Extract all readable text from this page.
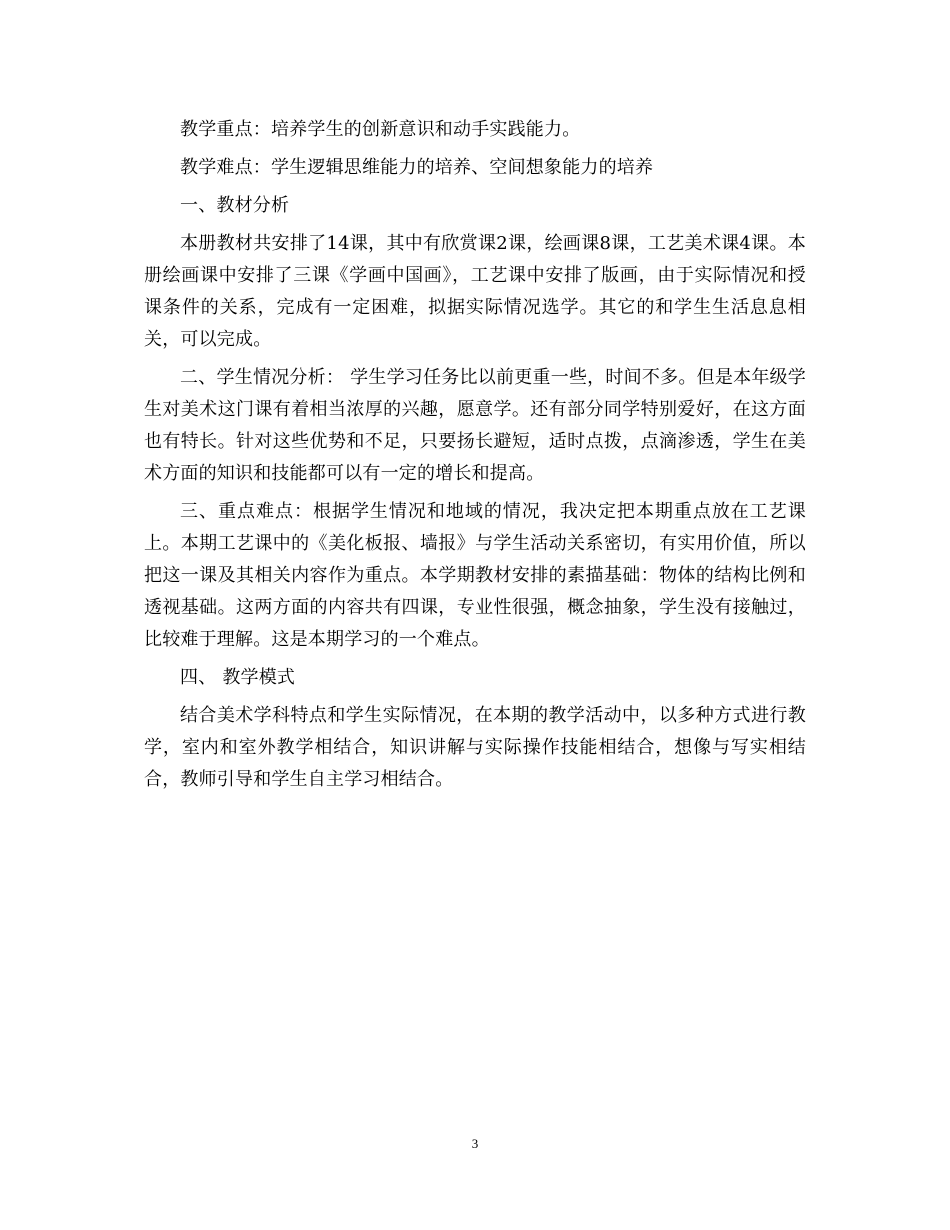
教学重点：培养学生的创新意识和动手实践能力。

教学难点：学生逻辑思维能力的培养、空间想象能力的培养

一、教材分析

本册教材共安排了14课，其中有欣赏课2课，绘画课8课，工艺美术课4课。本册绘画课中安排了三课《学画中国画》，工艺课中安排了版画，由于实际情况和授课条件的关系，完成有一定困难，拟据实际情况选学。其它的和学生生活息息相关，可以完成。

二、学生情况分析： 学生学习任务比以前更重一些，时间不多。但是本年级学生对美术这门课有着相当浓厚的兴趣，愿意学。还有部分同学特别爱好，在这方面也有特长。针对这些优势和不足，只要扬长避短，适时点拨，点滴渗透，学生在美术方面的知识和技能都可以有一定的增长和提高。

三、重点难点：根据学生情况和地域的情况，我决定把本期重点放在工艺课上。本期工艺课中的《美化板报、墙报》与学生活动关系密切，有实用价值，所以把这一课及其相关内容作为重点。本学期教材安排的素描基础：物体的结构比例和透视基础。这两方面的内容共有四课，专业性很强，概念抽象，学生没有接触过，比较难于理解。这是本期学习的一个难点。

四、 教学模式

结合美术学科特点和学生实际情况，在本期的教学活动中，以多种方式进行教学，室内和室外教学相结合，知识讲解与实际操作技能相结合，想像与写实相结合，教师引导和学生自主学习相结合。

3
